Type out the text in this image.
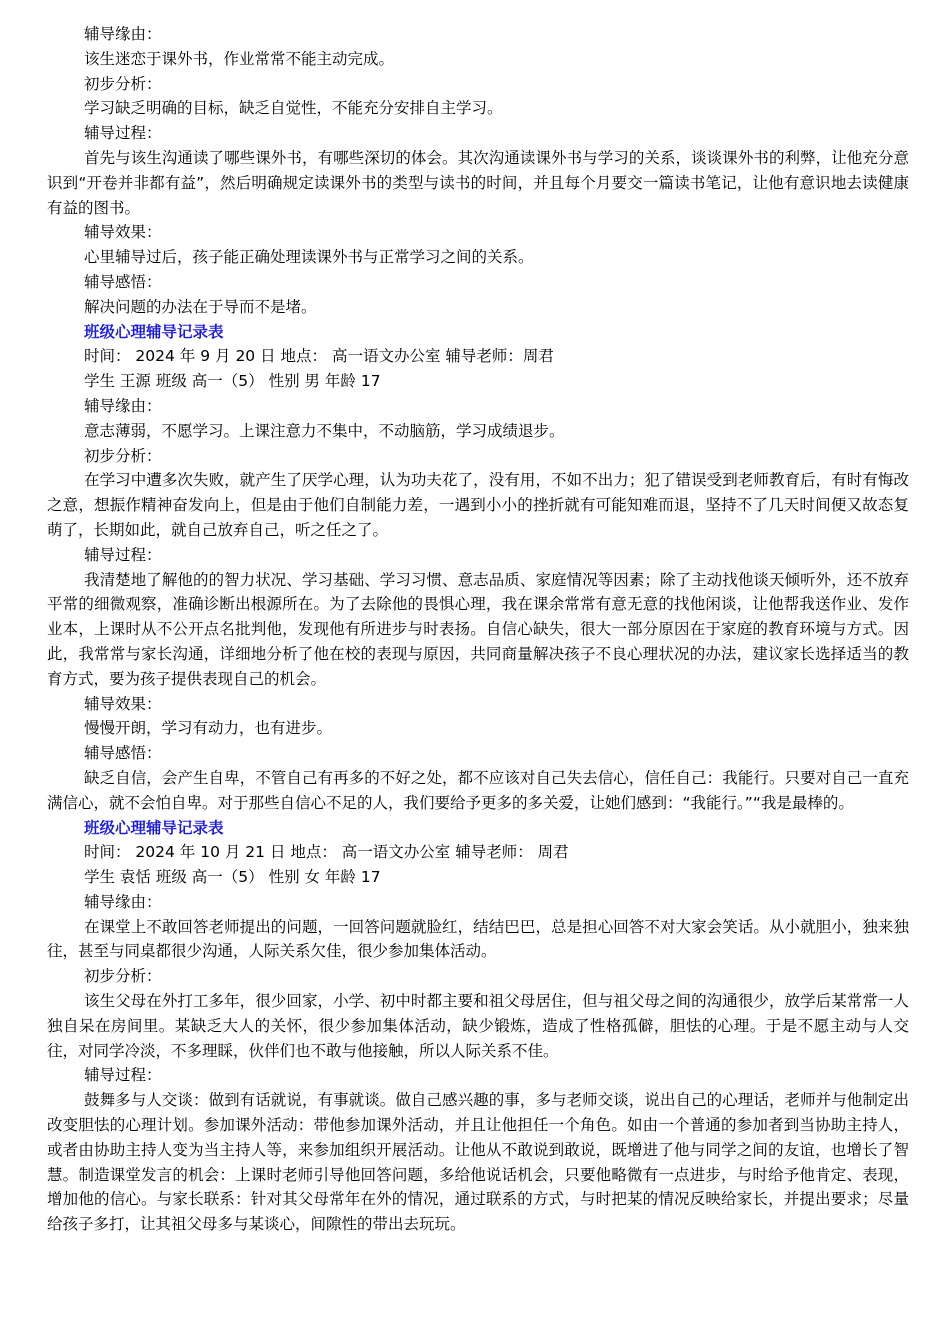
辅导缘由：

该生迷恋于课外书，作业常常不能主动完成。

初步分析：

学习缺乏明确的目标，缺乏自觉性，不能充分安排自主学习。

辅导过程：

首先与该生沟通读了哪些课外书，有哪些深切的体会。其次沟通读课外书与学习的关系，谈谈课外书的利弊，让他充分意识到“开卷并非都有益”，然后明确规定读课外书的类型与读书的时间，并且每个月要交一篇读书笔记，让他有意识地去读健康有益的图书。

辅导效果：

心里辅导过后，孩子能正确处理读课外书与正常学习之间的关系。

辅导感悟：

解决问题的办法在于导而不是堵。

班级心理辅导记录表

时间： 2024 年 9 月 20 日 地点： 高一语文办公室 辅导老师：周君

学生 王源 班级 高一（5） 性别 男 年龄 17

辅导缘由：

意志薄弱，不愿学习。上课注意力不集中，不动脑筋，学习成绩退步。

初步分析：

在学习中遭多次失败，就产生了厌学心理，认为功夫花了，没有用，不如不出力；犯了错误受到老师教育后，有时有悔改之意，想振作精神奋发向上，但是由于他们自制能力差，一遇到小小的挫折就有可能知难而退，坚持不了几天时间便又故态复萌了，长期如此，就自己放弃自己，听之任之了。

辅导过程：

我清楚地了解他的的智力状况、学习基础、学习习惯、意志品质、家庭情况等因素；除了主动找他谈天倾听外，还不放弃平常的细微观察，准确诊断出根源所在。为了去除他的畏惧心理，我在课余常常有意无意的找他闲谈，让他帮我送作业、发作业本，上课时从不公开点名批判他，发现他有所进步与时表扬。自信心缺失，很大一部分原因在于家庭的教育环境与方式。因此，我常常与家长沟通，详细地分析了他在校的表现与原因，共同商量解决孩子不良心理状况的办法，建议家长选择适当的教育方式，要为孩子提供表现自己的机会。

辅导效果：

慢慢开朗，学习有动力，也有进步。

辅导感悟：

缺乏自信，会产生自卑，不管自己有再多的不好之处，都不应该对自己失去信心，信任自己：我能行。只要对自己一直充满信心，就不会怕自卑。对于那些自信心不足的人，我们要给予更多的多关爱，让她们感到：“我能行。”“我是最棒的。

班级心理辅导记录表

时间： 2024 年 10 月 21 日 地点： 高一语文办公室 辅导老师： 周君

学生 袁恬 班级 高一（5） 性别 女 年龄 17

辅导缘由：

在课堂上不敢回答老师提出的问题，一回答问题就脸红，结结巴巴，总是担心回答不对大家会笑话。从小就胆小，独来独往，甚至与同桌都很少沟通，人际关系欠佳，很少参加集体活动。

初步分析：

该生父母在外打工多年，很少回家，小学、初中时都主要和祖父母居住，但与祖父母之间的沟通很少，放学后某常常一人独自呆在房间里。某缺乏大人的关怀，很少参加集体活动，缺少锻炼，造成了性格孤僻，胆怯的心理。于是不愿主动与人交往，对同学冷淡，不多理睬，伙伴们也不敢与他接触，所以人际关系不佳。

辅导过程：

鼓舞多与人交谈：做到有话就说，有事就谈。做自己感兴趣的事，多与老师交谈，说出自己的心理话，老师并与他制定出改变胆怯的心理计划。参加课外活动：带他参加课外活动，并且让他担任一个角色。如由一个普通的参加者到当协助主持人，或者由协助主持人变为当主持人等，来参加组织开展活动。让他从不敢说到敢说，既增进了他与同学之间的友谊，也增长了智慧。制造课堂发言的机会：上课时老师引导他回答问题，多给他说话机会，只要他略微有一点进步，与时给予他肯定、表现，增加他的信心。与家长联系：针对其父母常年在外的情况，通过联系的方式，与时把某的情况反映给家长，并提出要求；尽量给孩子多打，让其祖父母多与某谈心，间隙性的带出去玩玩。
